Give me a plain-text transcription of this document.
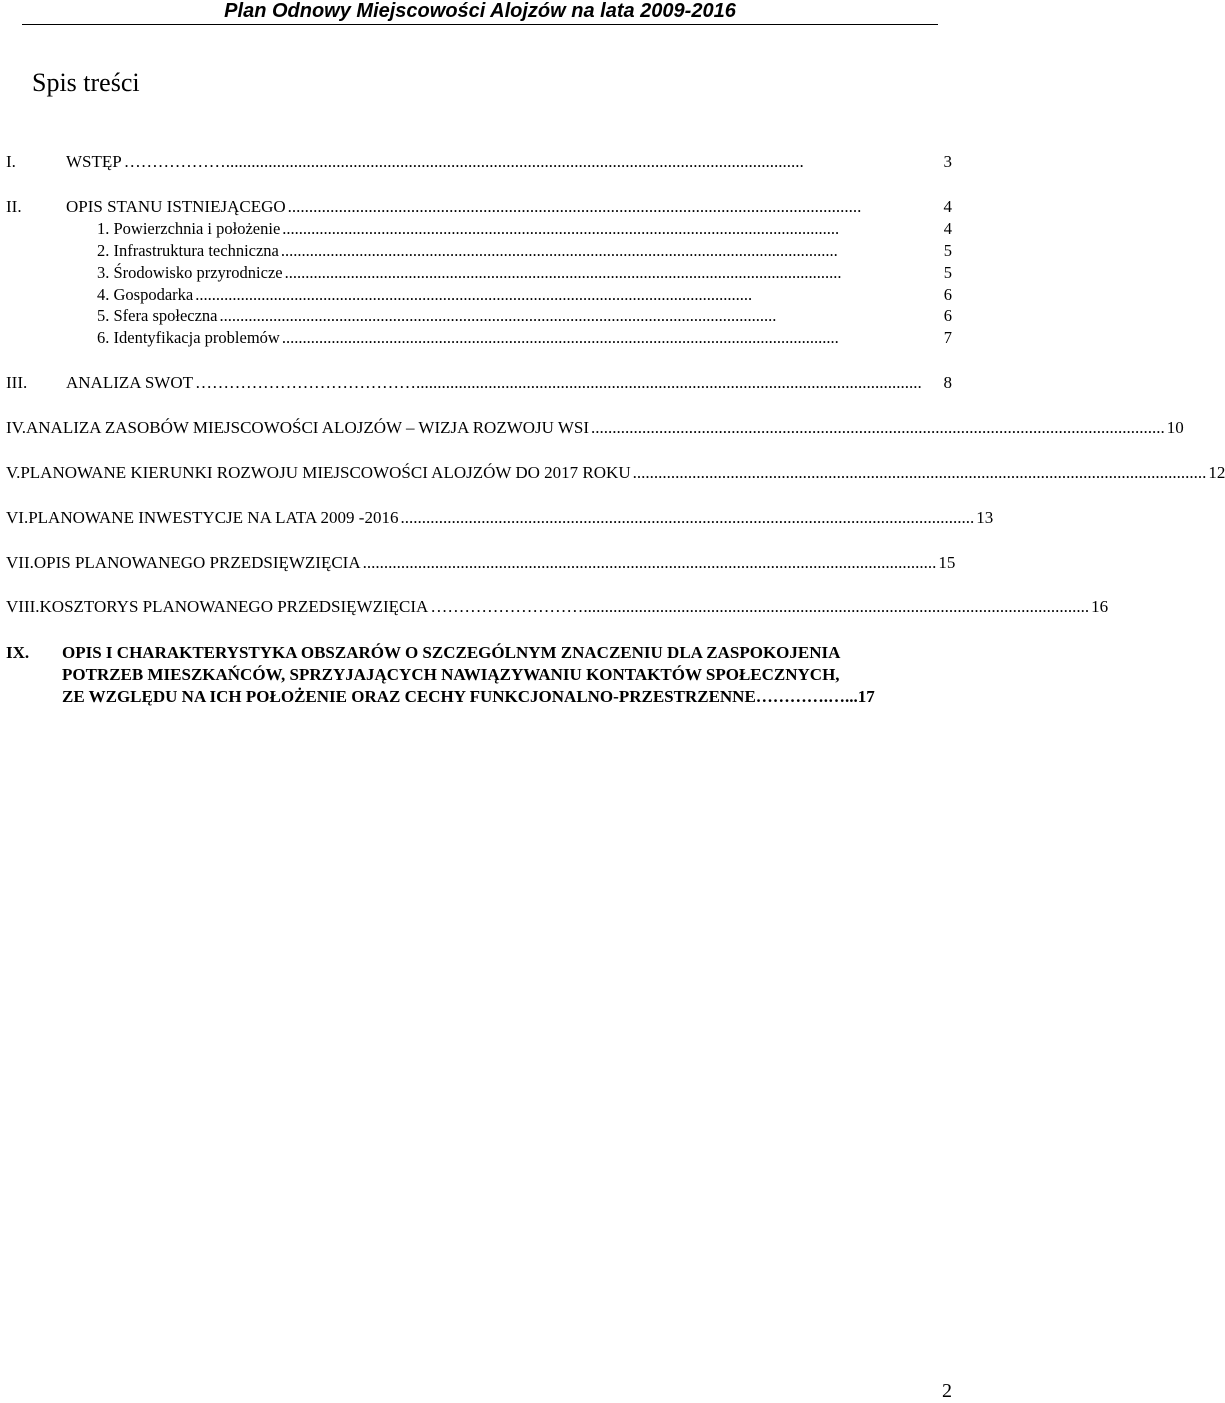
Plan Odnowy Miejscowości Alojzów na lata 2009-2016
Spis treści
I.	WSTĘP ………………........................................................................................................................................	3
II.	OPIS STANU ISTNIEJĄCEGO .......................................................................................................................................	4
1. Powierzchnia i położenie .......................................................................................................................................	4
2. Infrastruktura techniczna .......................................................................................................................................	5
3. Środowisko przyrodnicze .......................................................................................................................................	5
4. Gospodarka .......................................................................................................................................	6
5. Sfera społeczna .......................................................................................................................................	6
6. Identyfikacja problemów .......................................................................................................................................	7
III.	ANALIZA SWOT ………………………………….......................................................................................................................	8
IV. ANALIZA ZASOBÓW MIEJSCOWOŚCI ALOJZÓW – WIZJA ROZWOJU WSI ....................................................................................................................................... 10
V. PLANOWANE KIERUNKI ROZWOJU MIEJSCOWOŚCI ALOJZÓW DO 2017 ROKU ....................................................................................................................................... 12
VI. PLANOWANE INWESTYCJE NA LATA 2009 -2016 ....................................................................................................................................... 13
VII. OPIS PLANOWANEGO PRZEDSIĘWZIĘCIA ....................................................................................................................................... 15
VIII. KOSZTORYS PLANOWANEGO PRZEDSIĘWZIĘCIA ………………………....................................................................................................................... 16
IX. OPIS I CHARAKTERYSTYKA OBSZARÓW O SZCZEGÓLNYM ZNACZENIU DLA ZASPOKOJENIA
POTRZEB MIESZKAŃCÓW, SPRZYJAJĄCYCH NAWIĄZYWANIU KONTAKTÓW SPOŁECZNYCH,
ZE WZGLĘDU NA ICH POŁOŻENIE ORAZ CECHY FUNKCJONALNO-PRZESTRZENNE………….…...17
2
